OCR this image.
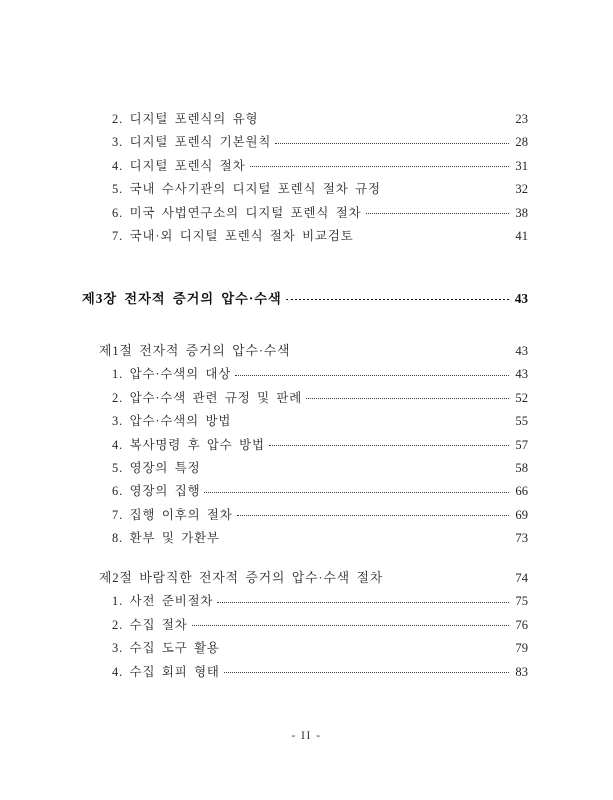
2. 디지털 포렌식의 유형	23
3. 디지털 포렌식 기본원칙	28
4. 디지털 포렌식 절차	31
5. 국내 수사기관의 디지털 포렌식 절차 규정	32
6. 미국 사법연구소의 디지털 포렌식 절차	38
7. 국내·외 디지털 포렌식 절차 비교검토	41
제3장 전자적 증거의 압수·수색	43
제1절 전자적 증거의 압수·수색	43
1. 압수·수색의 대상	43
2. 압수·수색 관련 규정 및 판례	52
3. 압수·수색의 방법	55
4. 복사명령 후 압수 방법	57
5. 영장의 특정	58
6. 영장의 집행	66
7. 집행 이후의 절차	69
8. 환부 및 가환부	73
제2절 바람직한 전자적 증거의 압수·수색 절차	74
1. 사전 준비절차	75
2. 수집 절차	76
3. 수집 도구 활용	79
4. 수집 회피 형태	83
- II -
